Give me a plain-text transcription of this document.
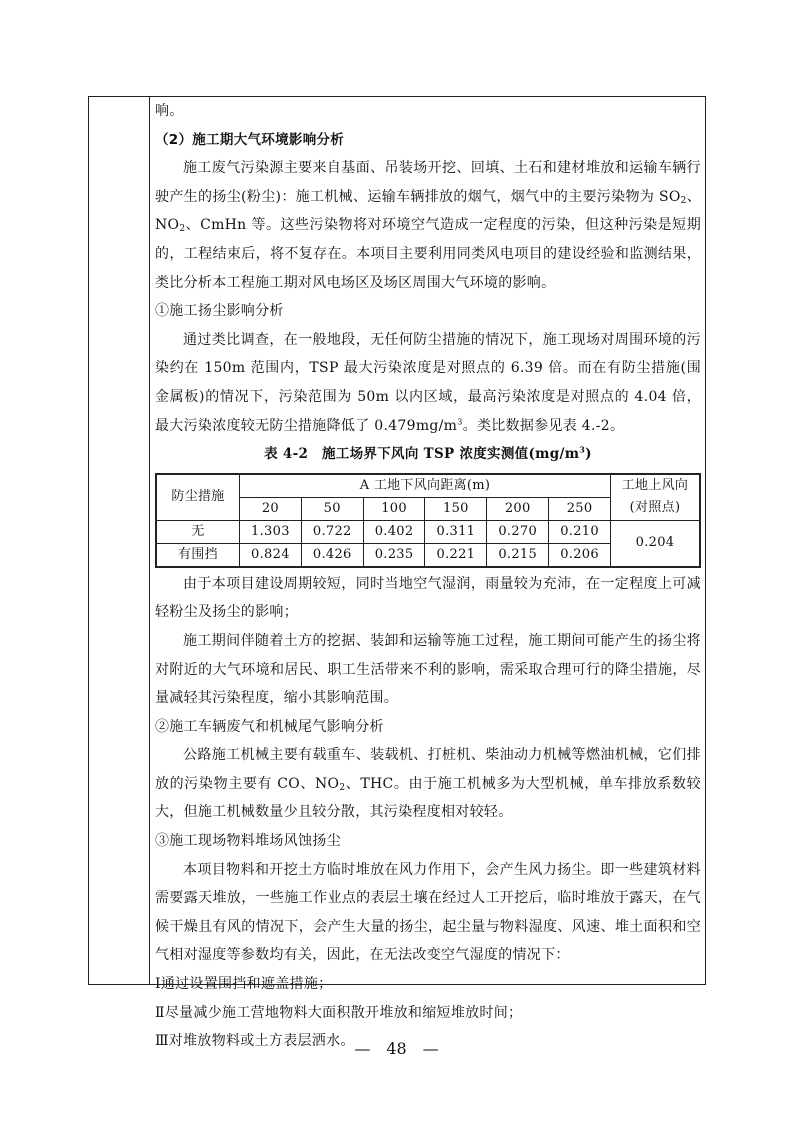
响。

（2）施工期大气环境影响分析

施工废气污染源主要来自基面、吊装场开挖、回填、土石和建材堆放和运输车辆行驶产生的扬尘(粉尘)：施工机械、运输车辆排放的烟气，烟气中的主要污染物为 $SO_2$、$NO_2$、CmHn 等。这些污染物将对环境空气造成一定程度的污染，但这种污染是短期的，工程结束后，将不复存在。本项目主要利用同类风电项目的建设经验和监测结果，类比分析本工程施工期对风电场区及场区周围大气环境的影响。

①施工扬尘影响分析

通过类比调查，在一般地段，无任何防尘措施的情况下，施工现场对周围环境的污染约在 150m 范围内，TSP 最大污染浓度是对照点的 6.39 倍。而在有防尘措施(围金属板)的情况下，污染范围为 50m 以内区域，最高污染浓度是对照点的 4.04 倍，最大污染浓度较无防尘措施降低了 $0.479mg/m^3$。类比数据参见表 4.-2。

表 4-2　施工场界下风向 TSP 浓度实测值$(mg/m^3)$

防尘措施	A 工地下风向距离(m)						工地上风向
(对照点)
	20	50	100	150	200	250	
无	1.303	0.722	0.402	0.311	0.270	0.210	0.204
有围挡	0.824	0.426	0.235	0.221	0.215	0.206	

由于本项目建设周期较短，同时当地空气湿润，雨量较为充沛，在一定程度上可减轻粉尘及扬尘的影响；

施工期间伴随着土方的挖据、装卸和运输等施工过程，施工期间可能产生的扬尘将对附近的大气环境和居民、职工生活带来不利的影响，需采取合理可行的降尘措施，尽量减轻其污染程度，缩小其影响范围。

②施工车辆废气和机械尾气影响分析

公路施工机械主要有载重车、装载机、打桩机、柴油动力机械等燃油机械，它们排放的污染物主要有 CO、$NO_2$、THC。由于施工机械多为大型机械，单车排放系数较大，但施工机械数量少且较分散，其污染程度相对较轻。

③施工现场物料堆场风蚀扬尘

本项目物料和开挖土方临时堆放在风力作用下，会产生风力扬尘。即一些建筑材料需要露天堆放，一些施工作业点的表层土壤在经过人工开挖后，临时堆放于露天，在气候干燥且有风的情况下，会产生大量的扬尘，起尘量与物料湿度、风速、堆土面积和空气相对湿度等参数均有关，因此，在无法改变空气湿度的情况下：

Ⅰ通过设置围挡和遮盖措施；

Ⅱ尽量减少施工营地物料大面积散开堆放和缩短堆放时间；

Ⅲ对堆放物料或土方表层洒水。 —　48　—
